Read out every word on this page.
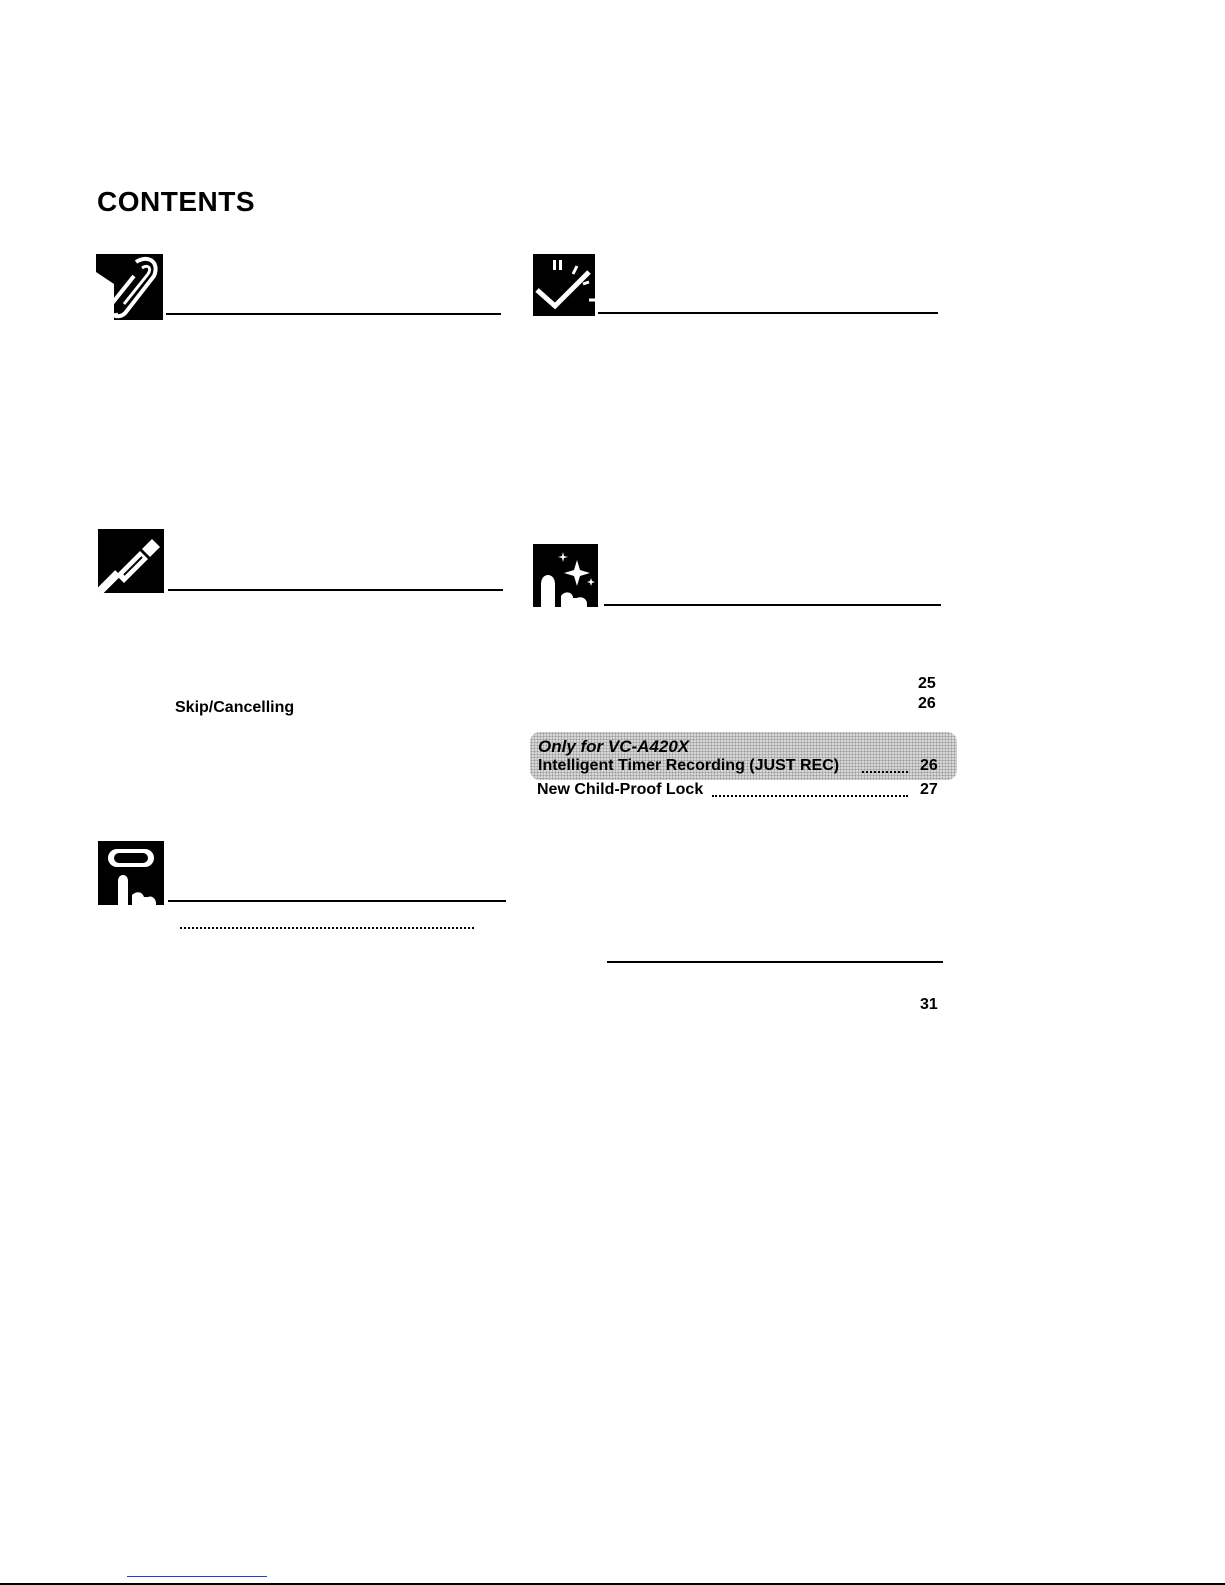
CONTENTS
Skip/Cancelling
25
26
Only for VC-A420X
Intelligent Timer Recording (JUST REC)	26
New Child-Proof Lock	27
31
